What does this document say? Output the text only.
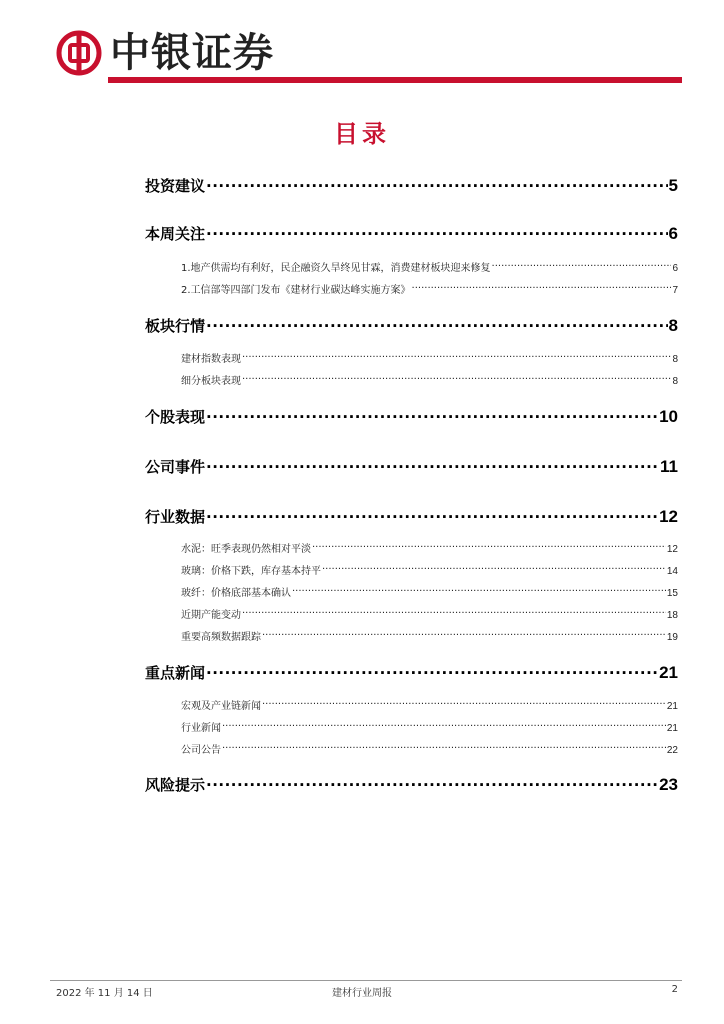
中银证券
目录
投资建议 .....	5
本周关注 .....	6
1.地产供需均有利好，民企融资久旱终见甘霖，消费建材板块迎来修复 .....	6
2.工信部等四部门发布《建材行业碳达峰实施方案》 .....	7
板块行情 .....	8
建材指数表现 .....	8
细分板块表现 .....	8
个股表现 .....	10
公司事件 .....	11
行业数据 .....	12
水泥：旺季表现仍然相对平淡 .....	12
玻璃：价格下跌，库存基本持平 .....	14
玻纤：价格底部基本确认 .....	15
近期产能变动 .....	18
重要高频数据跟踪 .....	19
重点新闻 .....	21
宏观及产业链新闻 .....	21
行业新闻 .....	21
公司公告 .....	22
风险提示 .....	23
2022 年 11 月 14 日	建材行业周报	2
